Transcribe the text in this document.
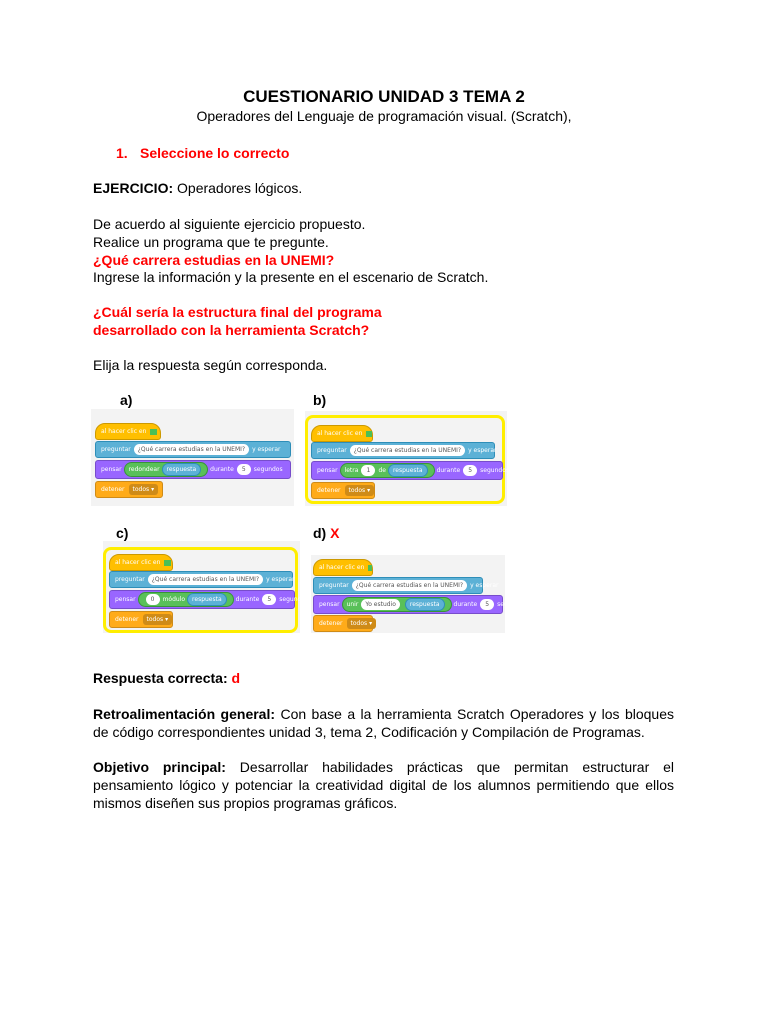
CUESTIONARIO UNIDAD 3 TEMA 2
Operadores del Lenguaje de programación visual. (Scratch),
1. Seleccione lo correcto
EJERCICIO: Operadores lógicos.
De acuerdo al siguiente ejercicio propuesto.
Realice un programa que te pregunte.
¿Qué carrera estudias en la UNEMI?
Ingrese la información y la presente en el escenario de Scratch.
¿Cuál sería la estructura final del programa
desarrollado con la herramienta Scratch?
Elija la respuesta según corresponda.
a)
al hacer clic en
preguntar	¿Qué carrera estudias en la UNEMI?	y esperar
pensar redondear	respuesta	durante	5	segundos
detener todos ▾
b)
al hacer clic en
preguntar	¿Qué carrera estudias en la UNEMI?	y esperar
pensar letra	1	de	respuesta	durante	5	segundos
detener todos ▾
c)
al hacer clic en
preguntar	¿Qué carrera estudias en la UNEMI?	y esperar
pensar	0	módulo	respuesta	durante	5	segundos
detener todos ▾
d) X
al hacer clic en
preguntar	¿Qué carrera estudias en la UNEMI?	y esperar
pensar unir	Yo estudio	respuesta	durante	5	segundos
detener todos ▾
Respuesta correcta: d
Retroalimentación general: Con base a la herramienta Scratch Operadores y los bloques de código correspondientes unidad 3, tema 2, Codificación y Compilación de Programas.
Objetivo principal: Desarrollar habilidades prácticas que permitan estructurar el pensamiento lógico y potenciar la creatividad digital de los alumnos permitiendo que ellos mismos diseñen sus propios programas gráficos.
